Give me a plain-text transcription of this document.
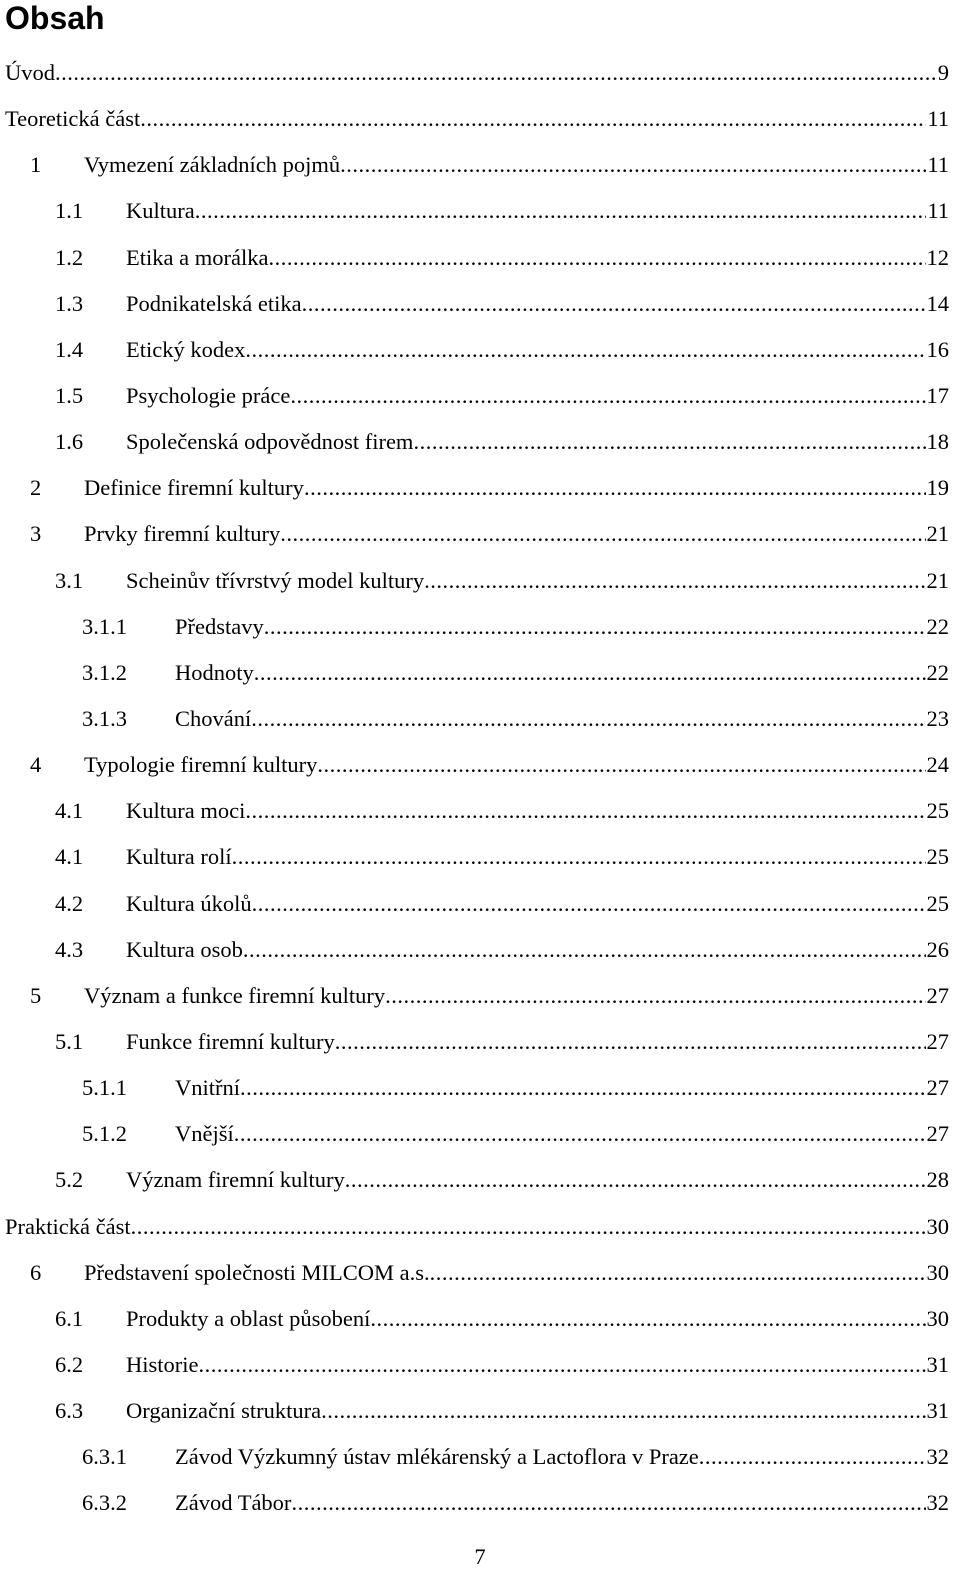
Obsah
Úvod .....	9
Teoretická část .....	11
1	Vymezení základních pojmů .....	11
1.1	Kultura .....	11
1.2	Etika a morálka .....	12
1.3	Podnikatelská etika .....	14
1.4	Etický kodex .....	16
1.5	Psychologie práce .....	17
1.6	Společenská odpovědnost firem .....	18
2	Definice firemní kultury .....	19
3	Prvky firemní kultury .....	21
3.1	Scheinův třívrstvý model kultury .....	21
3.1.1	Představy .....	22
3.1.2	Hodnoty .....	22
3.1.3	Chování .....	23
4	Typologie firemní kultury .....	24
4.1	Kultura moci .....	25
4.1	Kultura rolí .....	25
4.2	Kultura úkolů .....	25
4.3	Kultura osob .....	26
5	Význam a funkce firemní kultury .....	27
5.1	Funkce firemní kultury .....	27
5.1.1	Vnitřní .....	27
5.1.2	Vnější .....	27
5.2	Význam firemní kultury .....	28
Praktická část .....	30
6	Představení společnosti MILCOM a.s. .....	30
6.1	Produkty a oblast působení .....	30
6.2	Historie .....	31
6.3	Organizační struktura .....	31
6.3.1	Závod Výzkumný ústav mlékárenský a Lactoflora v Praze .....	32
6.3.2	Závod Tábor .....	32
7
